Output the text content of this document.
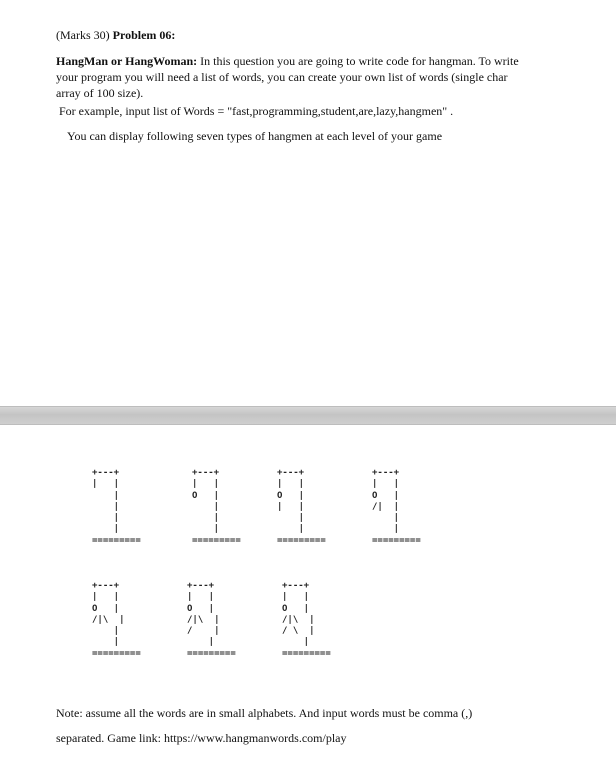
(Marks 30) Problem 06:
HangMan or HangWoman: In this question you are going to write code for hangman. To write
your program you will need a list of words, you can create your own list of words (single char
array of 100 size).
For example, input list of Words = "fast,programming,student,are,lazy,hangmen" .
You can display following seven types of hangmen at each level of your game
+---+
|   |
|
|
|
|
=========
+---+
|   |
O   |
|
|
|
=========
+---+
|   |
O   |
|   |
|
|
=========
+---+
|   |
O   |
/|  |
|
|
=========
+---+
|   |
O   |
/|\  |
|
|
=========
+---+
|   |
O   |
/|\  |
/    |
|
=========
+---+
|   |
O   |
/|\  |
/ \  |
|
=========
Note: assume all the words are in small alphabets. And input words must be comma (,)
separated. Game link: https://www.hangmanwords.com/play
